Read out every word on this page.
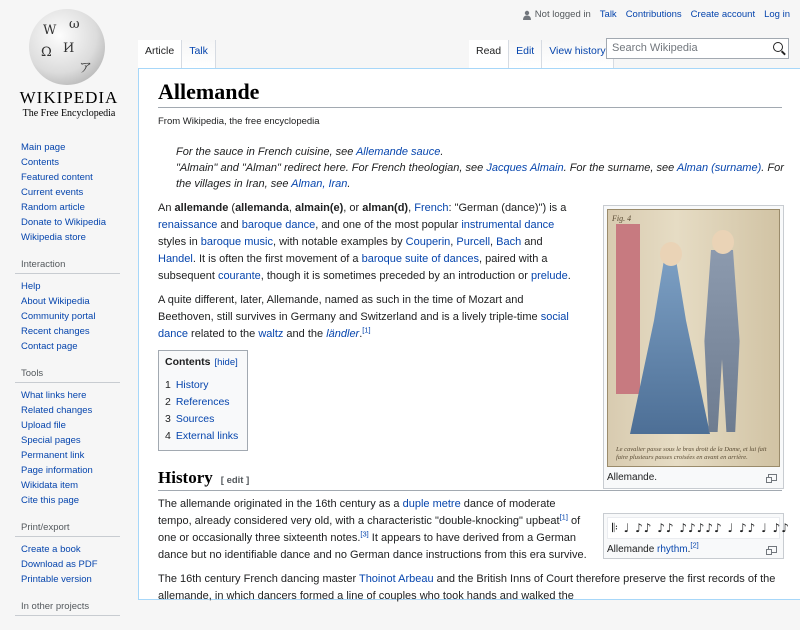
W ω
Ω И
ア
WIKIPEDIA
The Free Encyclopedia
Main page
Contents
Featured content
Current events
Random article
Donate to Wikipedia
Wikipedia store
Interaction
Help
About Wikipedia
Community portal
Recent changes
Contact page
Tools
What links here
Related changes
Upload file
Special pages
Permanent link
Page information
Wikidata item
Cite this page
Print/export
Create a book
Download as PDF
Printable version
In other projects
Not logged in Talk Contributions Create account Log in
Article	Talk	Read	Edit	View history Search Wikipedia
Allemande
From Wikipedia, the free encyclopedia
For the sauce in French cuisine, see Allemande sauce.
"Almain" and "Alman" redirect here. For French theologian, see Jacques Almain. For the surname, see Alman (surname). For the villages in Iran, see Alman, Iran.

An allemande (allemanda, almain(e), or alman(d), French: "German (dance)") is a renaissance and baroque dance, and one of the most popular instrumental dance styles in baroque music, with notable examples by Couperin, Purcell, Bach and Handel. It is often the first movement of a baroque suite of dances, paired with a subsequent courante, though it is sometimes preceded by an introduction or prelude.

A quite different, later, Allemande, named as such in the time of Mozart and Beethoven, still survives in Germany and Switzerland and is a lively triple-time social dance related to the waltz and the ländler.[1]

Contents [hide]
1 History
2 References
3 Sources
4 External links
History [ edit ]

The allemande originated in the 16th century as a duple metre dance of moderate tempo, already considered very old, with a characteristic "double-knocking" upbeat[1] of one or occasionally three sixteenth notes.[3] It appears to have derived from a German dance but no identifiable dance and no German dance instructions from this era survive.

The 16th century French dancing master Thoinot Arbeau and the British Inns of Court therefore preserve the first records of the allemande, in which dancers formed a line of couples who took hands and walked the

Fig. 4
Le cavalier passe sous le bras droit de la Dame, et lui fait faire plusieurs passes croisées en avant en arrière.
Allemande.
𝄆 ♩ ♪♪ ♪♪ ♪♪♪♪♪ ♩ ♪♪ ♩ ♪♪
Allemande rhythm.[2]
